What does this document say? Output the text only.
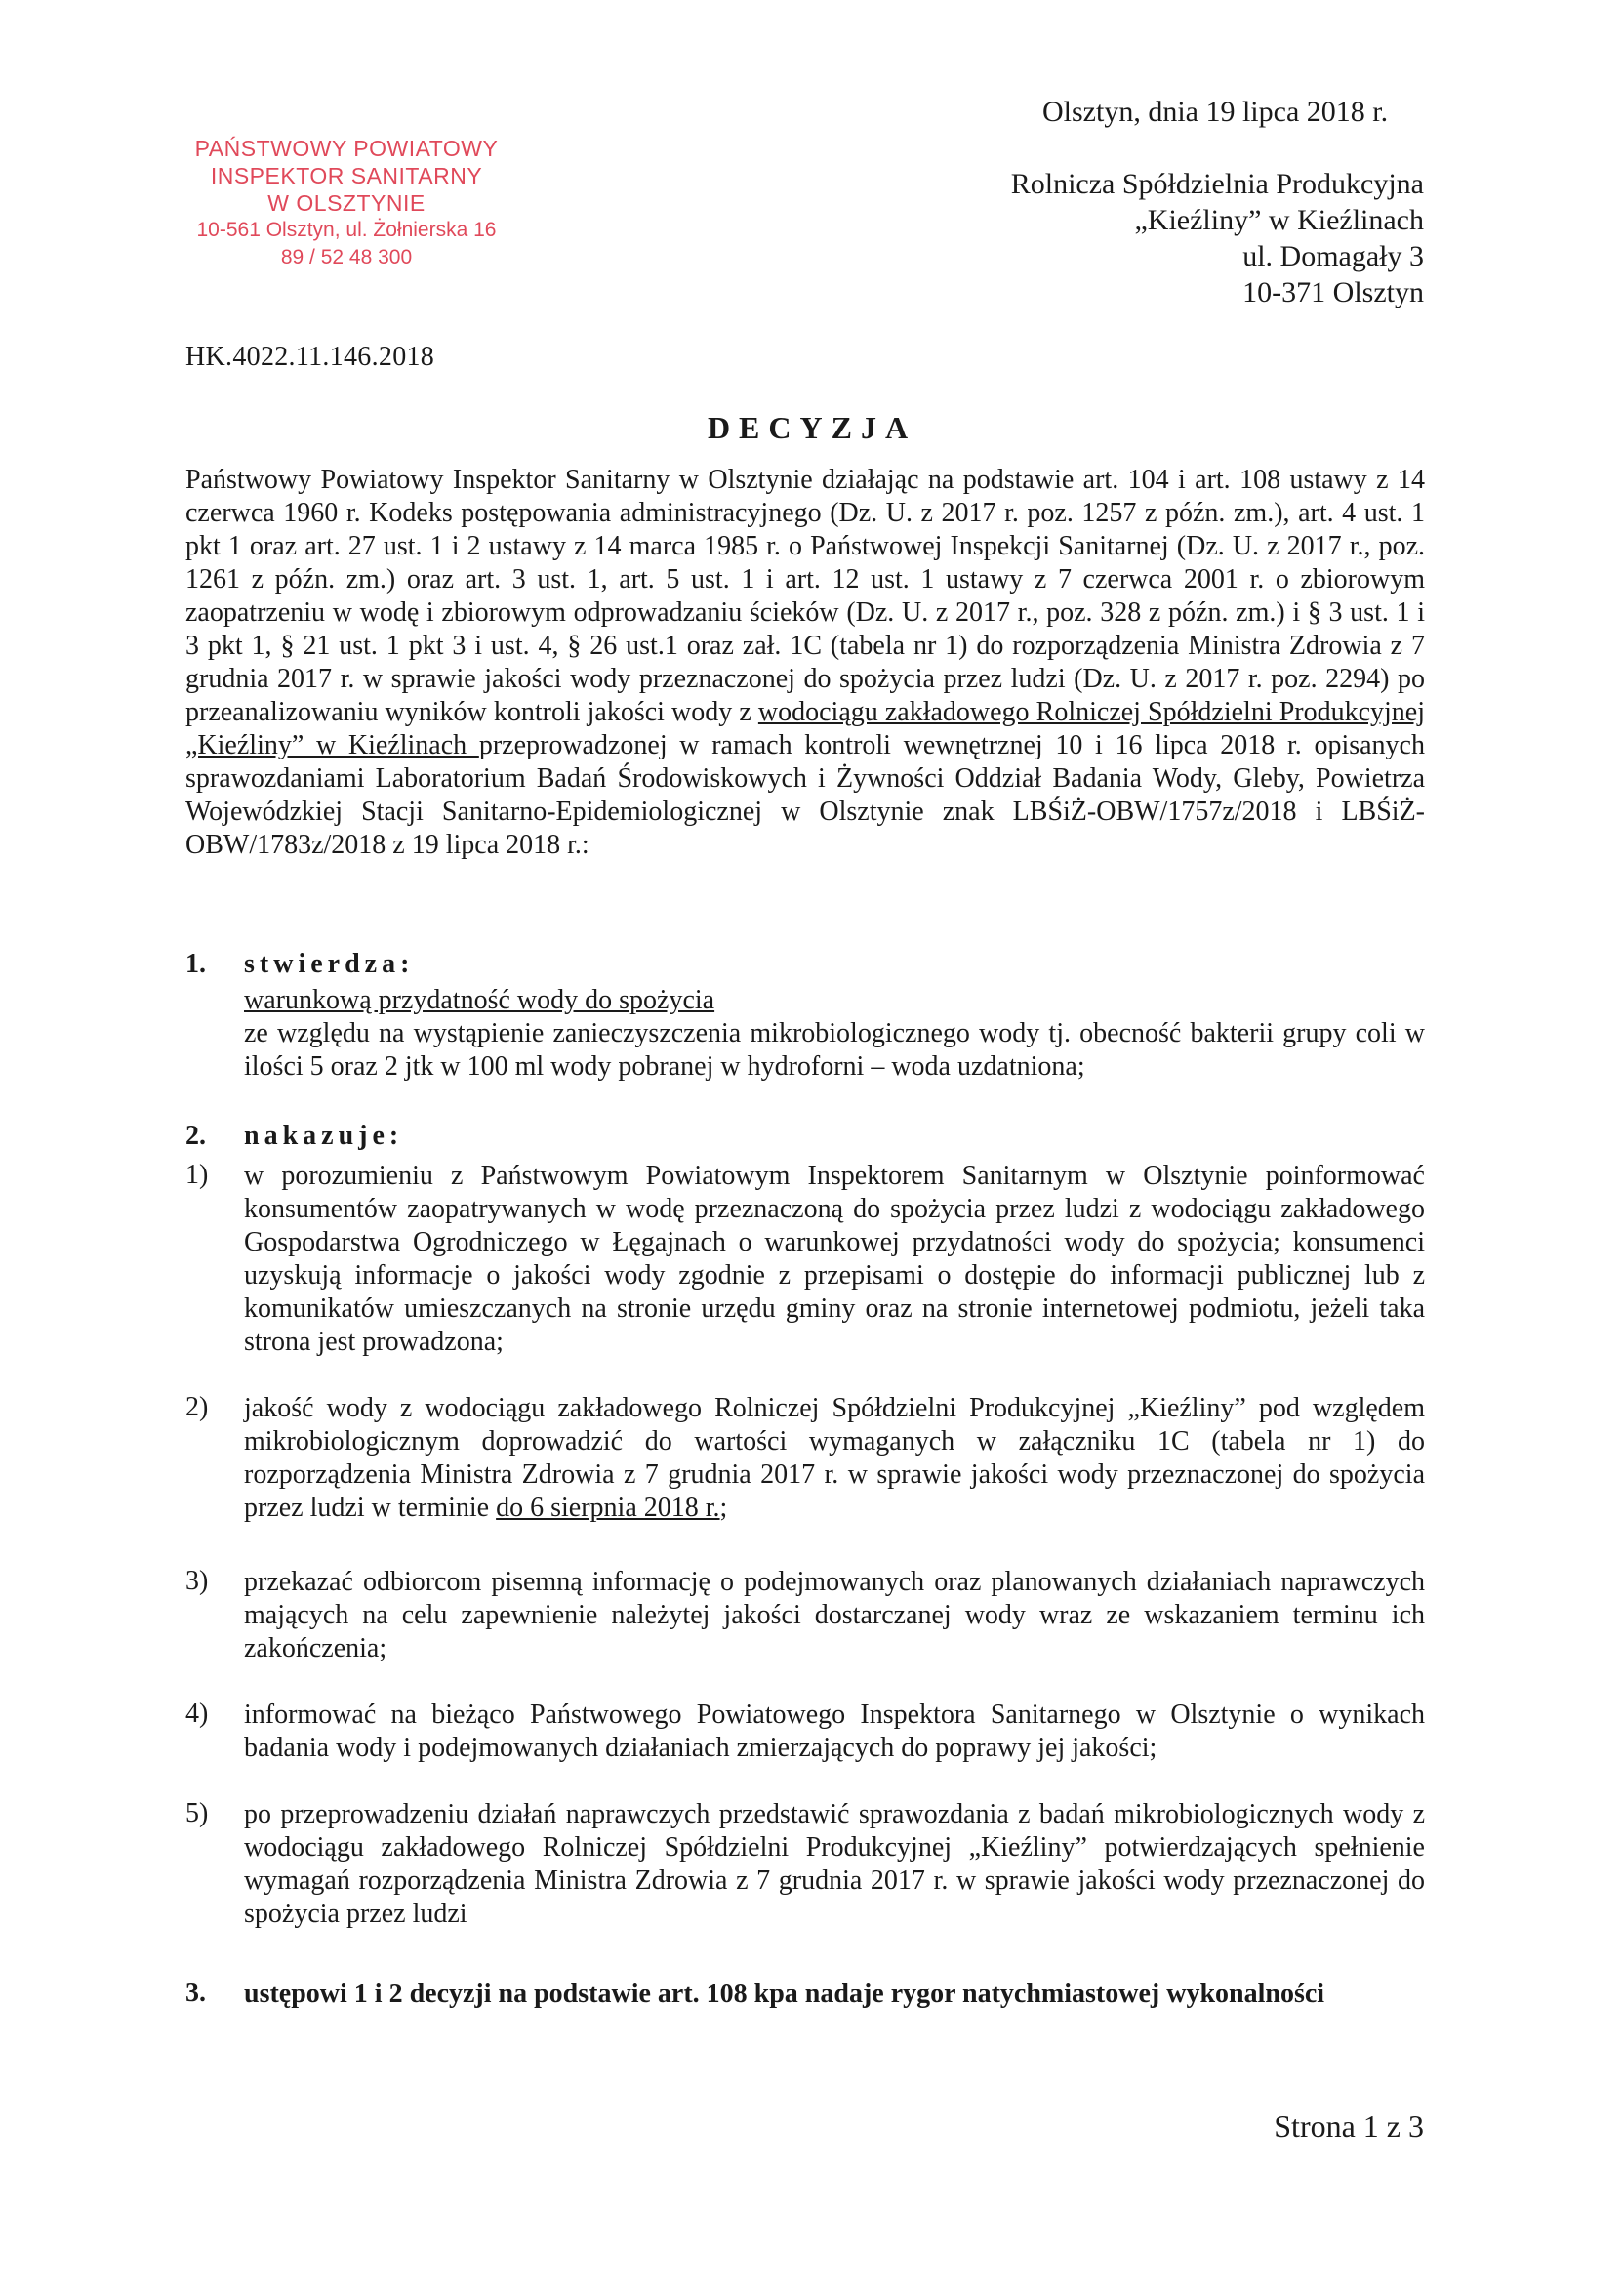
PAŃSTWOWY POWIATOWY
INSPEKTOR SANITARNY
W OLSZTYNIE
10-561 Olsztyn, ul. Żołnierska 16
89 / 52 48 300
Olsztyn, dnia 19 lipca 2018 r.
Rolnicza Spółdzielnia Produkcyjna
„Kieźliny” w Kieźlinach
ul. Domagały 3
10-371 Olsztyn
HK.4022.11.146.2018
DECYZJA
Państwowy Powiatowy Inspektor Sanitarny w Olsztynie działając na podstawie art. 104 i art. 108 ustawy z 14 czerwca 1960 r. Kodeks postępowania administracyjnego (Dz. U. z 2017 r. poz. 1257 z późn. zm.), art. 4 ust. 1 pkt 1 oraz art. 27 ust. 1 i 2 ustawy z 14 marca 1985 r. o Państwowej Inspekcji Sanitarnej (Dz. U. z 2017 r., poz. 1261 z późn. zm.) oraz art. 3 ust. 1, art. 5 ust. 1 i art. 12 ust. 1 ustawy z 7 czerwca 2001 r. o zbiorowym zaopatrzeniu w wodę i zbiorowym odprowadzaniu ścieków (Dz. U. z 2017 r., poz. 328 z późn. zm.) i § 3 ust. 1 i 3 pkt 1, § 21 ust. 1 pkt 3 i ust. 4, § 26 ust.1 oraz zał. 1C (tabela nr 1) do rozporządzenia Ministra Zdrowia z 7 grudnia 2017 r. w sprawie jakości wody przeznaczonej do spożycia przez ludzi (Dz. U. z 2017 r. poz. 2294) po przeanalizowaniu wyników kontroli jakości wody z wodociągu zakładowego Rolniczej Spółdzielni Produkcyjnej „Kieźliny” w Kieźlinach przeprowadzonej w ramach kontroli wewnętrznej 10 i 16 lipca 2018 r. opisanych sprawozdaniami Laboratorium Badań Środowiskowych i Żywności Oddział Badania Wody, Gleby, Powietrza Wojewódzkiej Stacji Sanitarno-Epidemiologicznej w Olsztynie znak LBŚiŻ-OBW/1757z/2018 i LBŚiŻ-OBW/1783z/2018 z 19 lipca 2018 r.:
1. stwierdza:
warunkową przydatność wody do spożycia
ze względu na wystąpienie zanieczyszczenia mikrobiologicznego wody tj. obecność bakterii grupy coli w ilości 5 oraz 2 jtk w 100 ml wody pobranej w hydroforni – woda uzdatniona;
2. nakazuje:
1) w porozumieniu z Państwowym Powiatowym Inspektorem Sanitarnym w Olsztynie poinformować konsumentów zaopatrywanych w wodę przeznaczoną do spożycia przez ludzi z wodociągu zakładowego Gospodarstwa Ogrodniczego w Łęgajnach o warunkowej przydatności wody do spożycia; konsumenci uzyskują informacje o jakości wody zgodnie z przepisami o dostępie do informacji publicznej lub z komunikatów umieszczanych na stronie urzędu gminy oraz na stronie internetowej podmiotu, jeżeli taka strona jest prowadzona;
2) jakość wody z wodociągu zakładowego Rolniczej Spółdzielni Produkcyjnej „Kieźliny” pod względem mikrobiologicznym doprowadzić do wartości wymaganych w załączniku 1C (tabela nr 1) do rozporządzenia Ministra Zdrowia z 7 grudnia 2017 r. w sprawie jakości wody przeznaczonej do spożycia przez ludzi w terminie do 6 sierpnia 2018 r.;
3) przekazać odbiorcom pisemną informację o podejmowanych oraz planowanych działaniach naprawczych mających na celu zapewnienie należytej jakości dostarczanej wody wraz ze wskazaniem terminu ich zakończenia;
4) informować na bieżąco Państwowego Powiatowego Inspektora Sanitarnego w Olsztynie o wynikach badania wody i podejmowanych działaniach zmierzających do poprawy jej jakości;
5) po przeprowadzeniu działań naprawczych przedstawić sprawozdania z badań mikrobiologicznych wody z wodociągu zakładowego Rolniczej Spółdzielni Produkcyjnej „Kieźliny” potwierdzających spełnienie wymagań rozporządzenia Ministra Zdrowia z 7 grudnia 2017 r. w sprawie jakości wody przeznaczonej do spożycia przez ludzi
3. ustępowi 1 i 2 decyzji na podstawie art. 108 kpa nadaje rygor natychmiastowej wykonalności
Strona 1 z 3
